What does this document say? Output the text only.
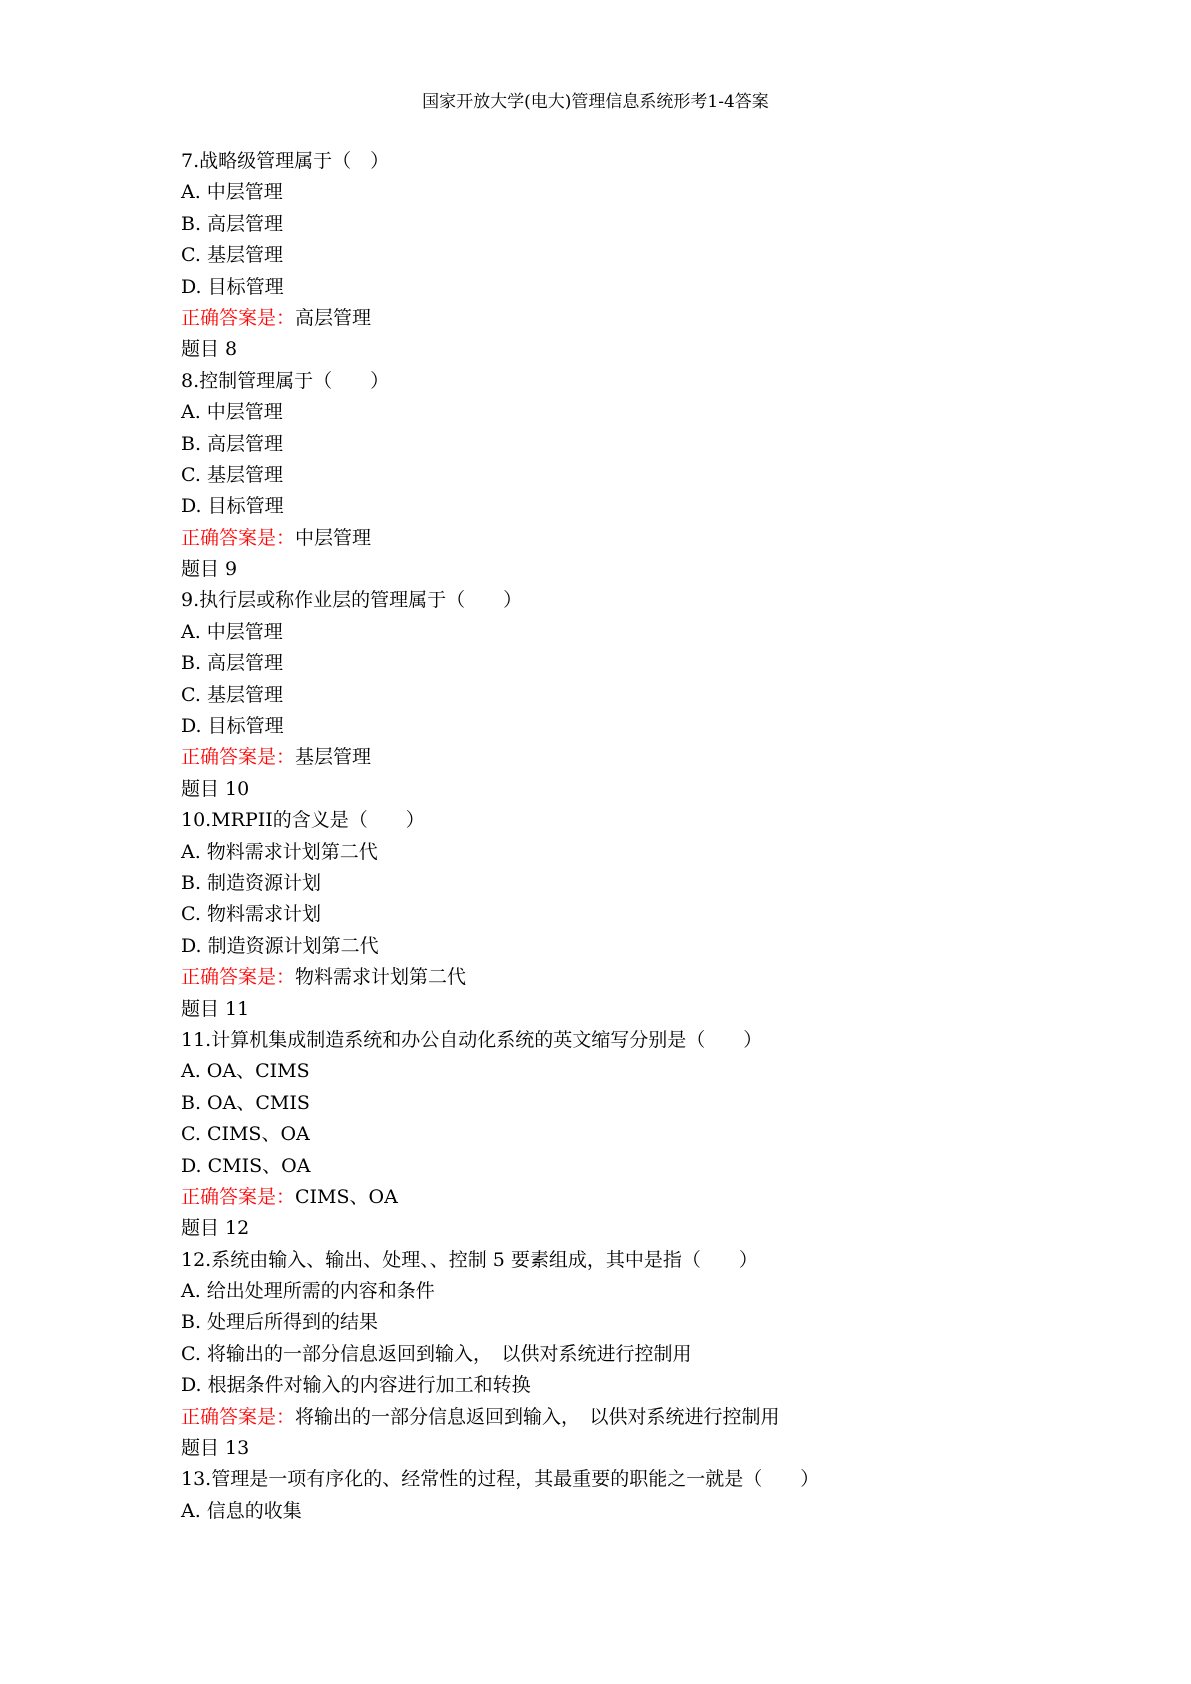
国家开放大学(电大)管理信息系统形考1-4答案
7.战略级管理属于（　）
A. 中层管理
B. 高层管理
C. 基层管理
D. 目标管理
正确答案是：高层管理
题目 8
8.控制管理属于（　　）
A. 中层管理
B. 高层管理
C. 基层管理
D. 目标管理
正确答案是：中层管理
题目 9
9.执行层或称作业层的管理属于（　　）
A. 中层管理
B. 高层管理
C. 基层管理
D. 目标管理
正确答案是：基层管理
题目 10
10.MRPII的含义是（　　）
A. 物料需求计划第二代
B. 制造资源计划
C. 物料需求计划
D. 制造资源计划第二代
正确答案是：物料需求计划第二代
题目 11
11.计算机集成制造系统和办公自动化系统的英文缩写分别是（　　）
A. OA、CIMS
B. OA、CMIS
C. CIMS、OA
D. CMIS、OA
正确答案是：CIMS、OA
题目 12
12.系统由输入、输出、处理、、控制 5 要素组成，其中是指（　　）
A. 给出处理所需的内容和条件
B. 处理后所得到的结果
C. 将输出的一部分信息返回到输入，　以供对系统进行控制用
D. 根据条件对输入的内容进行加工和转换
正确答案是：将输出的一部分信息返回到输入，　以供对系统进行控制用
题目 13
13.管理是一项有序化的、经常性的过程，其最重要的职能之一就是（　　）
A. 信息的收集
